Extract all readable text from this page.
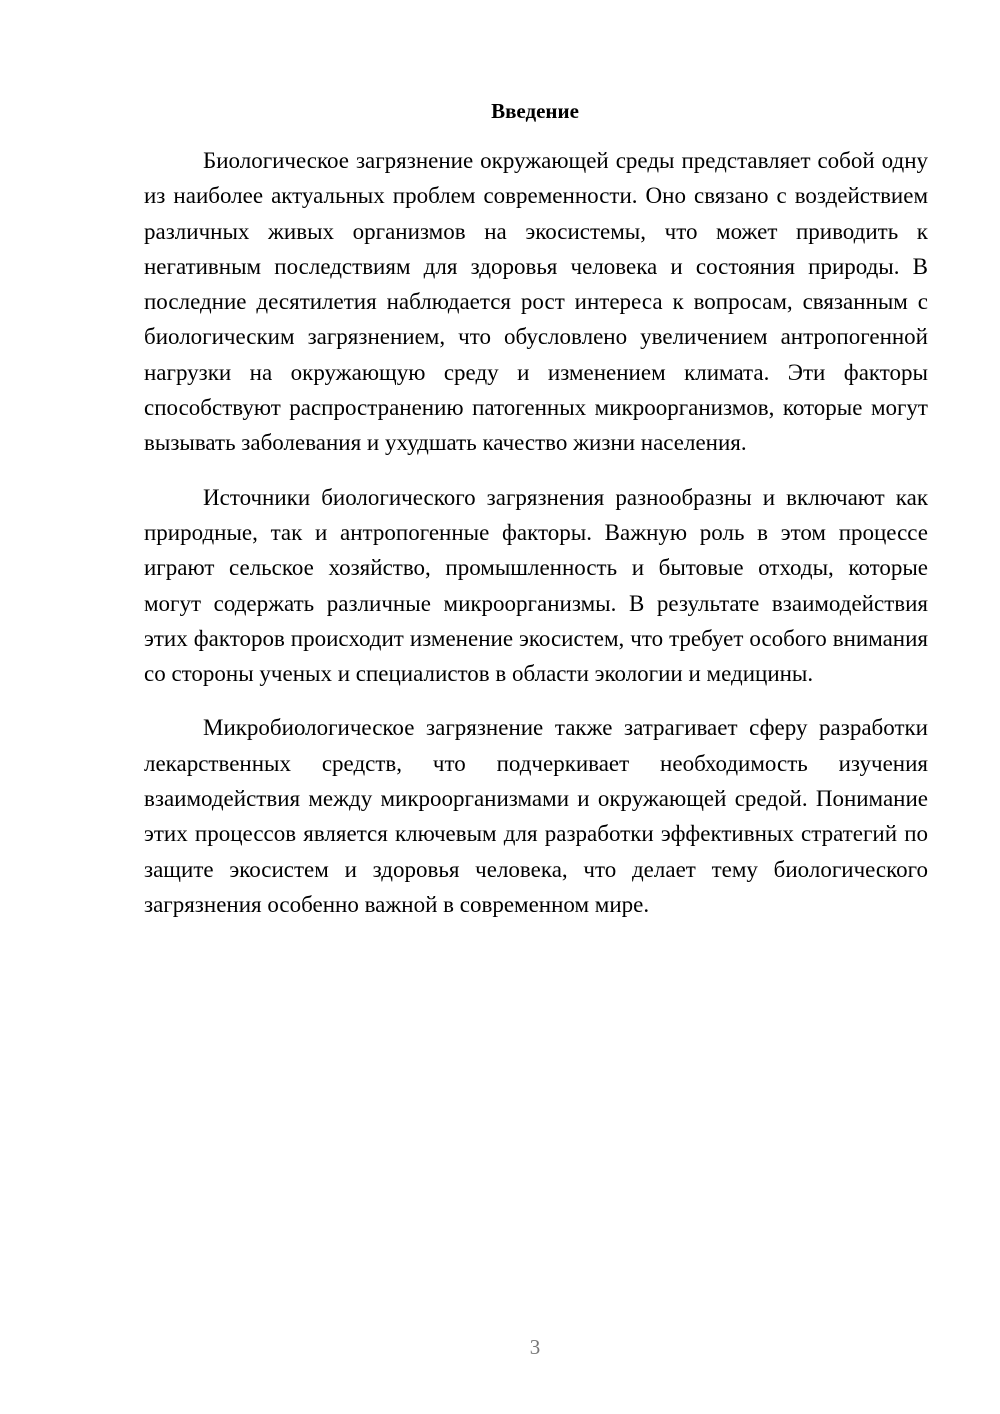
Введение

Биологическое загрязнение окружающей среды представляет собой одну из наиболее актуальных проблем современности. Оно связано с воздействием различных живых организмов на экосистемы, что может приводить к негативным последствиям для здоровья человека и состояния природы. В последние десятилетия наблюдается рост интереса к вопросам, связанным с биологическим загрязнением, что обусловлено увеличением антропогенной нагрузки на окружающую среду и изменением климата. Эти факторы способствуют распространению патогенных микроорганизмов, которые могут вызывать заболевания и ухудшать качество жизни населения.

Источники биологического загрязнения разнообразны и включают как природные, так и антропогенные факторы. Важную роль в этом процессе играют сельское хозяйство, промышленность и бытовые отходы, которые могут содержать различные микроорганизмы. В результате взаимодействия этих факторов происходит изменение экосистем, что требует особого внимания со стороны ученых и специалистов в области экологии и медицины.

Микробиологическое загрязнение также затрагивает сферу разработки лекарственных средств, что подчеркивает необходимость изучения взаимодействия между микроорганизмами и окружающей средой. Понимание этих процессов является ключевым для разработки эффективных стратегий по защите экосистем и здоровья человека, что делает тему биологического загрязнения особенно важной в современном мире.

3
